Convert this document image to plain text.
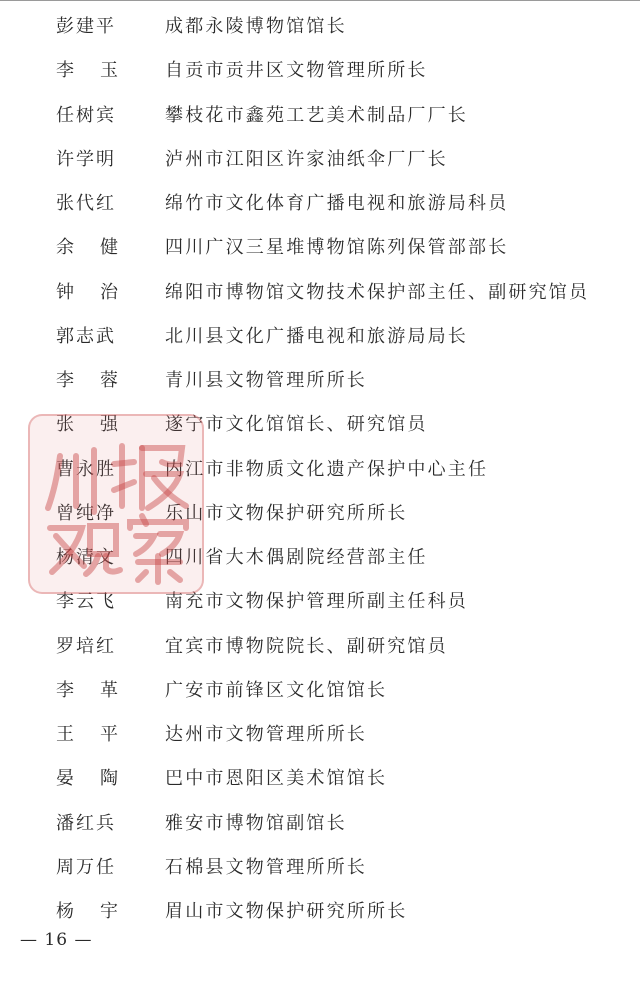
彭建平	成都永陵博物馆馆长
李 玉	自贡市贡井区文物管理所所长
任树宾	攀枝花市鑫苑工艺美术制品厂厂长
许学明	泸州市江阳区许家油纸伞厂厂长
张代红	绵竹市文化体育广播电视和旅游局科员
余 健	四川广汉三星堆博物馆陈列保管部部长
钟 治	绵阳市博物馆文物技术保护部主任、副研究馆员
郭志武	北川县文化广播电视和旅游局局长
李 蓉	青川县文物管理所所长
张 强	遂宁市文化馆馆长、研究馆员
曹永胜	内江市非物质文化遗产保护中心主任
曾纯净	乐山市文物保护研究所所长
杨清文	四川省大木偶剧院经营部主任
李云飞	南充市文物保护管理所副主任科员
罗培红	宜宾市博物院院长、副研究馆员
李 革	广安市前锋区文化馆馆长
王 平	达州市文物管理所所长
晏 陶	巴中市恩阳区美术馆馆长
潘红兵	雅安市博物馆副馆长
周万任	石棉县文物管理所所长
杨 宇	眉山市文物保护研究所所长
— 16 —
